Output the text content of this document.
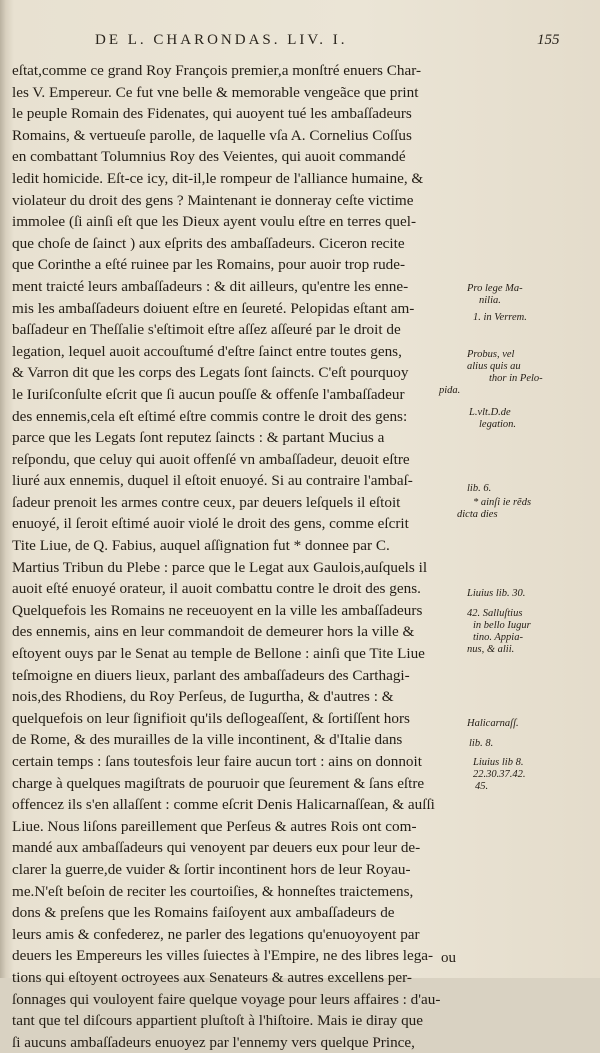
DE L. CHARONDAS. LIV. I.	155
eſtat,comme ce grand Roy François premier,a monſtré enuers Char-
les V. Empereur. Ce fut vne belle & memorable vengeãce que print
le peuple Romain des Fidenates, qui auoyent tué les ambaſſadeurs
Romains, & vertueuſe parolle, de laquelle vſa A. Cornelius Coſſus
en combattant Tolumnius Roy des Veientes, qui auoit commandé
ledit homicide. Eſt-ce icy, dit-il,le rompeur de l'alliance humaine, &
violateur du droit des gens ? Maintenant ie donneray ceſte victime
immolee (ſi ainſi eſt que les Dieux ayent voulu eſtre en terres quel-
que choſe de ſainct ) aux eſprits des ambaſſadeurs. Ciceron recite
que Corinthe a eſté ruinee par les Romains, pour auoir trop rude-
ment traicté leurs ambaſſadeurs : & dit ailleurs, qu'entre les enne-
mis les ambaſſadeurs doiuent eſtre en ſeureté. Pelopidas eſtant am-
baſſadeur en Theſſalie s'eſtimoit eſtre aſſez aſſeuré par le droit de
legation, lequel auoit accouſtumé d'eſtre ſainct entre toutes gens,
& Varron dit que les corps des Legats ſont ſaincts. C'eſt pourquoy
le Iuriſconſulte eſcrit que ſi aucun pouſſe & offenſe l'ambaſſadeur
des ennemis,cela eſt eſtimé eſtre commis contre le droit des gens:
parce que les Legats ſont reputez ſaincts : & partant Mucius a
reſpondu, que celuy qui auoit offenſé vn ambaſſadeur, deuoit eſtre
liuré aux ennemis, duquel il eſtoit enuoyé. Si au contraire l'ambaſ-
ſadeur prenoit les armes contre ceux, par deuers leſquels il eſtoit
enuoyé, il ſeroit eſtimé auoir violé le droit des gens, comme eſcrit
Tite Liue, de Q. Fabius, auquel aſſignation fut * donnee par C.
Martius Tribun du Plebe : parce que le Legat aux Gaulois,auſquels il
auoit eſté enuoyé orateur, il auoit combattu contre le droit des gens.
Quelquefois les Romains ne receuoyent en la ville les ambaſſadeurs
des ennemis, ains en leur commandoit de demeurer hors la ville &
eſtoyent ouys par le Senat au temple de Bellone : ainſi que Tite Liue
teſmoigne en diuers lieux, parlant des ambaſſadeurs des Carthagi-
nois,des Rhodiens, du Roy Perſeus, de Iugurtha, & d'autres : &
quelquefois on leur ſignifioit qu'ils deſlogeaſſent, & ſortiſſent hors
de Rome, & des murailles de la ville incontinent, & d'Italie dans
certain temps : ſans toutesfois leur faire aucun tort : ains on donnoit
charge à quelques magiſtrats de pouruoir que ſeurement & ſans eſtre
offencez ils s'en allaſſent : comme eſcrit Denis Halicarnaſſean, & auſſi
Liue. Nous liſons pareillement que Perſeus & autres Rois ont com-
mandé aux ambaſſadeurs qui venoyent par deuers eux pour leur de-
clarer la guerre,de vuider & ſortir incontinent hors de leur Royau-
me.N'eſt beſoin de reciter les courtoiſies, & honneſtes traictemens,
dons & preſens que les Romains faiſoyent aux ambaſſadeurs de
leurs amis & confederez, ne parler des legations qu'enuoyoyent par
deuers les Empereurs les villes ſuiectes à l'Empire, ne des libres lega-
tions qui eſtoyent octroyees aux Senateurs & autres excellens per-
ſonnages qui vouloyent faire quelque voyage pour leurs affaires : d'au-
tant que tel diſcours appartient pluſtoſt à l'hiſtoire. Mais ie diray que
ſi aucuns ambaſſadeurs enuoyez par l'ennemy vers quelque Prince,
Pro lege Ma-
nilia.
1. in Verrem.
Probus, vel
alius quis au
thor in Pelo-
pida.
L.vlt.D.de
legation.
lib. 6.
* ainſi ie rẽds
dicta dies
Liuius lib. 30.
42. Salluſtius
in bello Iugur
tino. Appia-
nus, & alii.
Halicarnaſſ.
lib. 8.
Liuius lib 8.
22.30.37.42.
45.
ou
